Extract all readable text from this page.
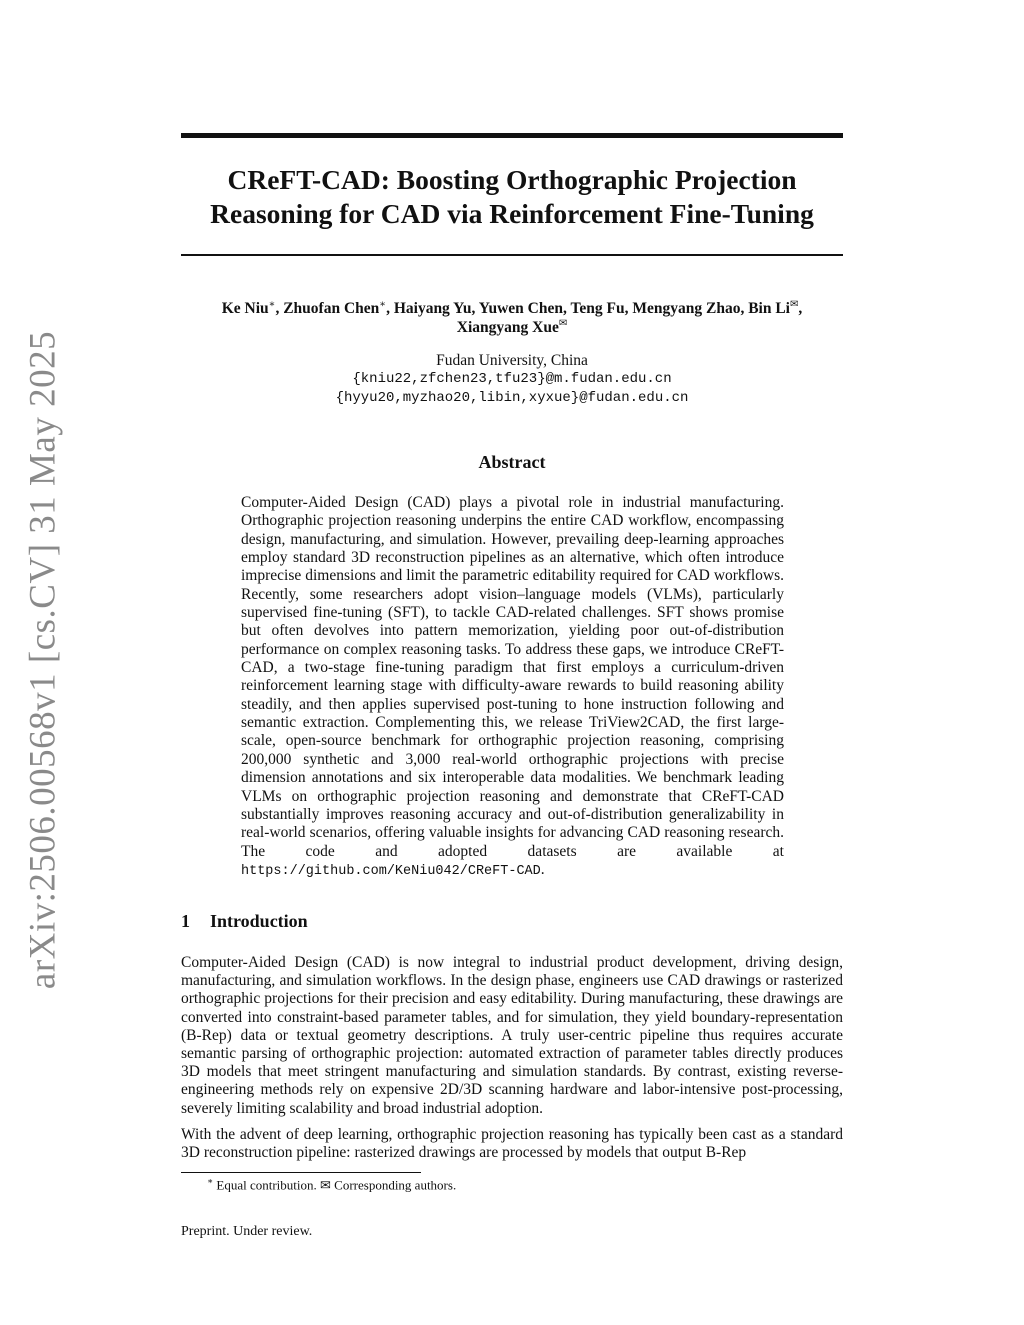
arXiv:2506.00568v1 [cs.CV] 31 May 2025
CReFT-CAD: Boosting Orthographic Projection
Reasoning for CAD via Reinforcement Fine-Tuning
Ke Niu∗, Zhuofan Chen∗, Haiyang Yu, Yuwen Chen, Teng Fu, Mengyang Zhao, Bin Li✉,
Xiangyang Xue✉
Fudan University, China
{kniu22,zfchen23,tfu23}@m.fudan.edu.cn
{hyyu20,myzhao20,libin,xyxue}@fudan.edu.cn
Abstract
Computer-Aided Design (CAD) plays a pivotal role in industrial manufacturing. Orthographic projection reasoning underpins the entire CAD workflow, encompassing design, manufacturing, and simulation. However, prevailing deep-learning approaches employ standard 3D reconstruction pipelines as an alternative, which often introduce imprecise dimensions and limit the parametric editability required for CAD workflows. Recently, some researchers adopt vision–language models (VLMs), particularly supervised fine-tuning (SFT), to tackle CAD-related challenges. SFT shows promise but often devolves into pattern memorization, yielding poor out-of-distribution performance on complex reasoning tasks. To address these gaps, we introduce CReFT-CAD, a two-stage fine-tuning paradigm that first employs a curriculum-driven reinforcement learning stage with difficulty-aware rewards to build reasoning ability steadily, and then applies supervised post-tuning to hone instruction following and semantic extraction. Complementing this, we release TriView2CAD, the first large-scale, open-source benchmark for orthographic projection reasoning, comprising 200,000 synthetic and 3,000 real-world orthographic projections with precise dimension annotations and six interoperable data modalities. We benchmark leading VLMs on orthographic projection reasoning and demonstrate that CReFT-CAD substantially improves reasoning accuracy and out-of-distribution generalizability in real-world scenarios, offering valuable insights for advancing CAD reasoning research. The code and adopted datasets are available at https://github.com/KeNiu042/CReFT-CAD.
1 Introduction
Computer-Aided Design (CAD) is now integral to industrial product development, driving design, manufacturing, and simulation workflows. In the design phase, engineers use CAD drawings or rasterized orthographic projections for their precision and easy editability. During manufacturing, these drawings are converted into constraint-based parameter tables, and for simulation, they yield boundary-representation (B-Rep) data or textual geometry descriptions. A truly user-centric pipeline thus requires accurate semantic parsing of orthographic projection: automated extraction of parameter tables directly produces 3D models that meet stringent manufacturing and simulation standards. By contrast, existing reverse-engineering methods rely on expensive 2D/3D scanning hardware and labor-intensive post-processing, severely limiting scalability and broad industrial adoption.
With the advent of deep learning, orthographic projection reasoning has typically been cast as a standard 3D reconstruction pipeline: rasterized drawings are processed by models that output B-Rep
∗ Equal contribution. ✉ Corresponding authors.
Preprint. Under review.
